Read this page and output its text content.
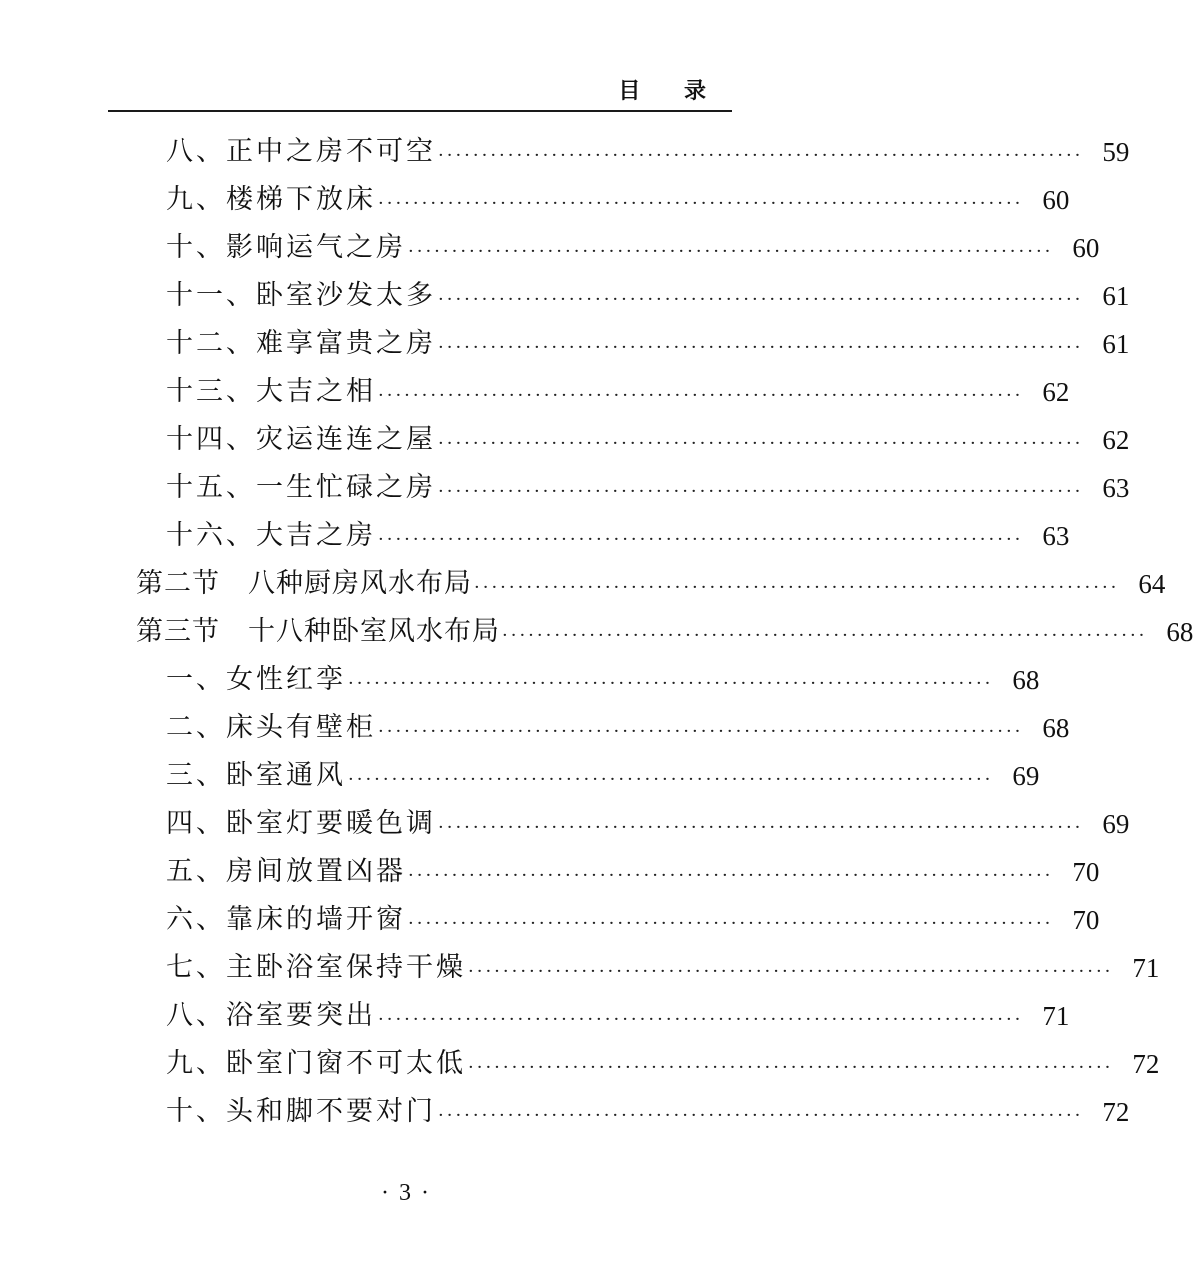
目 录
八、正中之房不可空 ·········································································· 59
九、楼梯下放床 ·········································································· 60
十、影响运气之房 ·········································································· 60
十一、卧室沙发太多 ·········································································· 61
十二、难享富贵之房 ·········································································· 61
十三、大吉之相 ·········································································· 62
十四、灾运连连之屋 ·········································································· 62
十五、一生忙碌之房 ·········································································· 63
十六、大吉之房 ·········································································· 63
第二节　八种厨房风水布局 ·········································································· 64
第三节　十八种卧室风水布局 ·········································································· 68
一、女性红孪 ·········································································· 68
二、床头有壁柜 ·········································································· 68
三、卧室通风 ·········································································· 69
四、卧室灯要暖色调 ·········································································· 69
五、房间放置凶器 ·········································································· 70
六、靠床的墙开窗 ·········································································· 70
七、主卧浴室保持干燥 ·········································································· 71
八、浴室要突出 ·········································································· 71
九、卧室门窗不可太低 ·········································································· 72
十、头和脚不要对门 ·········································································· 72
· 3 ·
